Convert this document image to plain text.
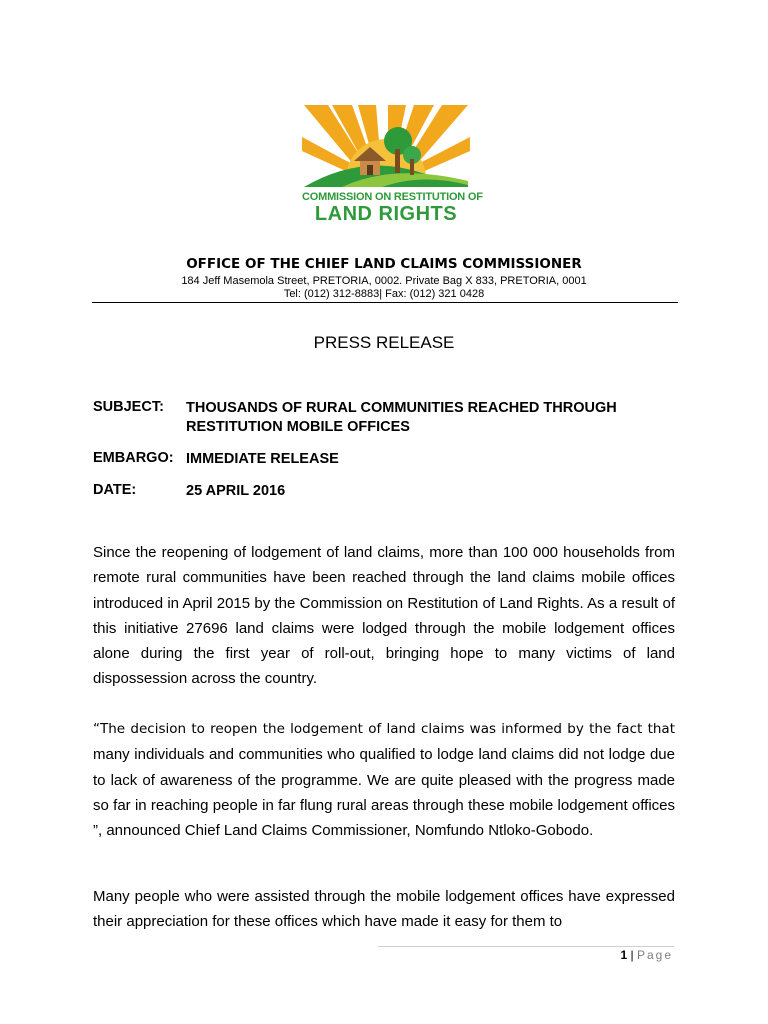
COMMISSION ON RESTITUTION OF
LAND RIGHTS
OFFICE OF THE CHIEF LAND CLAIMS COMMISSIONER
184 Jeff Masemola Street, PRETORIA, 0002. Private Bag X 833, PRETORIA, 0001
Tel: (012) 312-8883| Fax: (012) 321 0428
PRESS RELEASE
SUBJECT: THOUSANDS OF RURAL COMMUNITIES REACHED THROUGH
RESTITUTION MOBILE OFFICES
EMBARGO: IMMEDIATE RELEASE
DATE:	25 APRIL 2016
Since the reopening of lodgement of land claims, more than 100 000 households from remote rural communities have been reached through the land claims mobile offices introduced in April 2015 by the Commission on Restitution of Land Rights. As a result of this initiative 27696 land claims were lodged through the mobile lodgement offices alone during the first year of roll-out, bringing hope to many victims of land dispossession across the country.
“The decision to reopen the lodgement of land claims was informed by the fact that many individuals and communities who qualified to lodge land claims did not lodge due to lack of awareness of the programme. We are quite pleased with the progress made so far in reaching people in far flung rural areas through these mobile lodgement offices ”, announced Chief Land Claims Commissioner, Nomfundo Ntloko-Gobodo.
Many people who were assisted through the mobile lodgement offices have expressed their appreciation for these offices which have made it easy for them to
1 | Page
